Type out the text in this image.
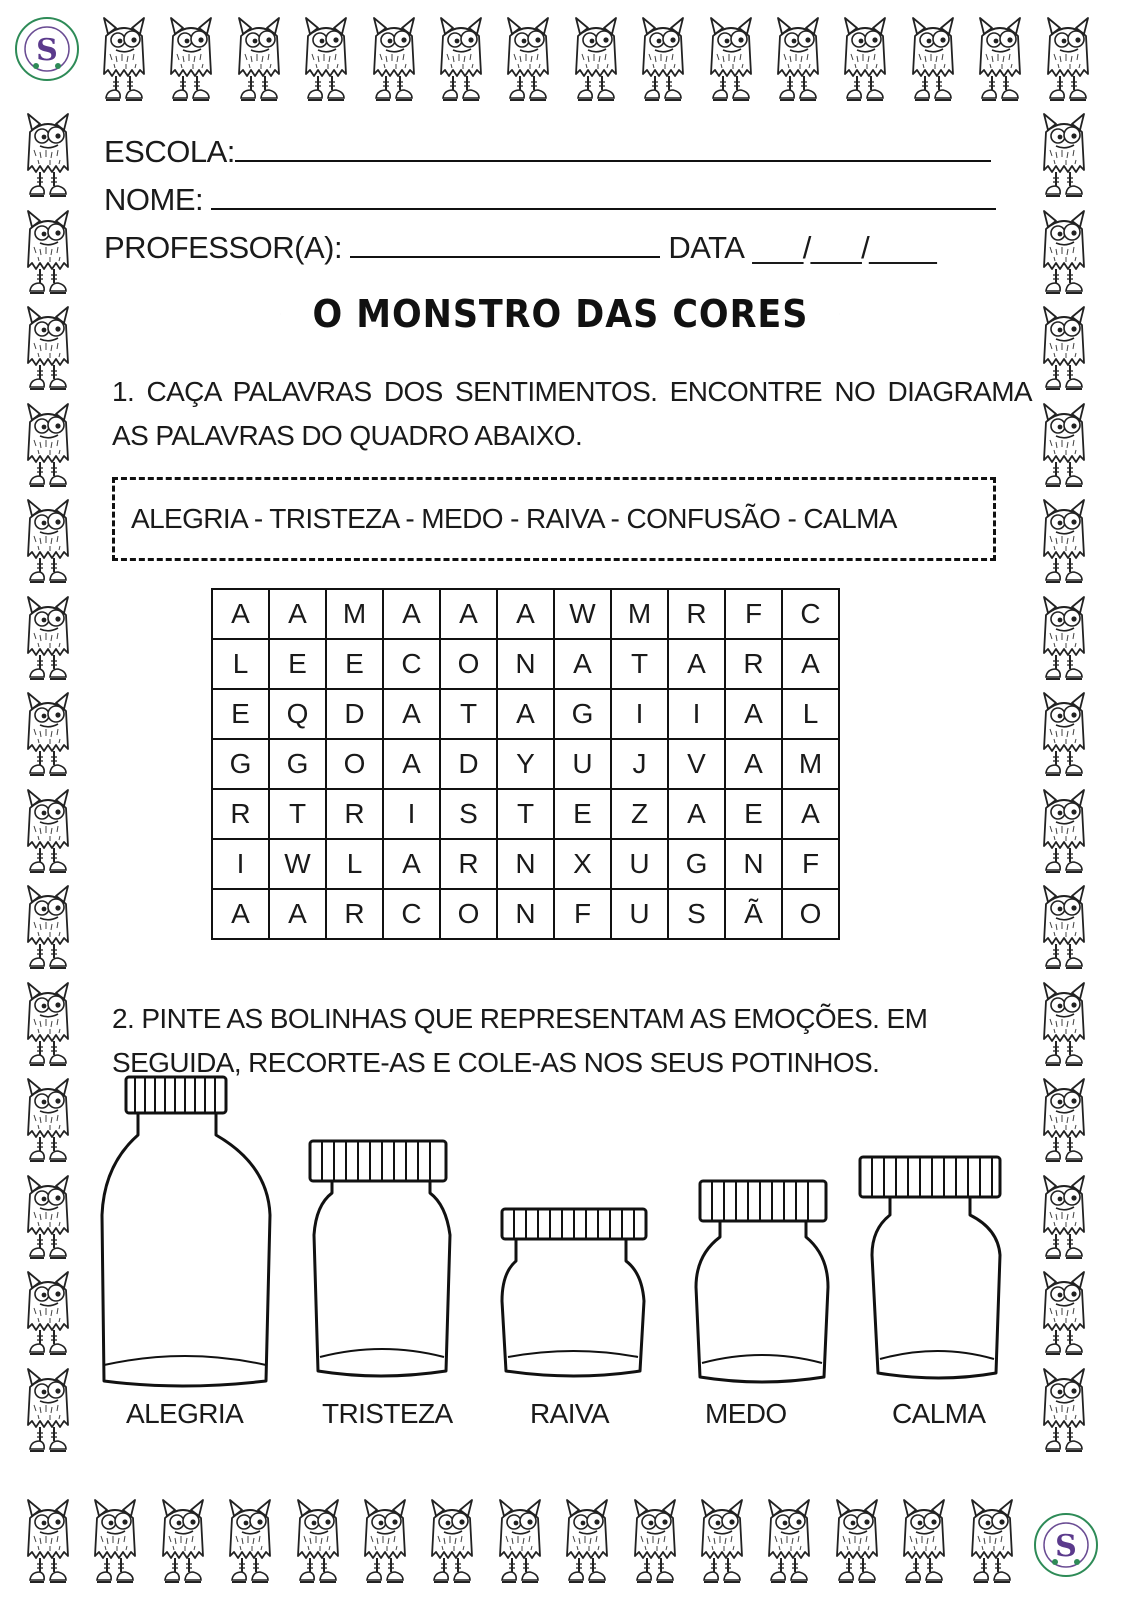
ESCOLA:
NOME:
PROFESSOR(A):	DATA ___/___/____
O MONSTRO DAS CORES
1. CAÇA PALAVRAS DOS SENTIMENTOS. ENCONTRE NO DIAGRAMA AS PALAVRAS DO QUADRO ABAIXO.
ALEGRIA - TRISTEZA - MEDO - RAIVA - CONFUSÃO - CALMA
A	A	M	A	A	A	W	M	R	F	C
L	E	E	C	O	N	A	T	A	R	A
E	Q	D	A	T	A	G	I	I	A	L
G	G	O	A	D	Y	U	J	V	A	M
R	T	R	I	S	T	E	Z	A	E	A
I	W	L	A	R	N	X	U	G	N	F
A	A	R	C	O	N	F	U	S	Ã	O
2. PINTE AS BOLINHAS QUE REPRESENTAM AS EMOÇÕES. EM SEGUIDA, RECORTE-AS E COLE-AS NOS SEUS POTINHOS.
ALEGRIA	TRISTEZA	RAIVA	MEDO	CALMA
